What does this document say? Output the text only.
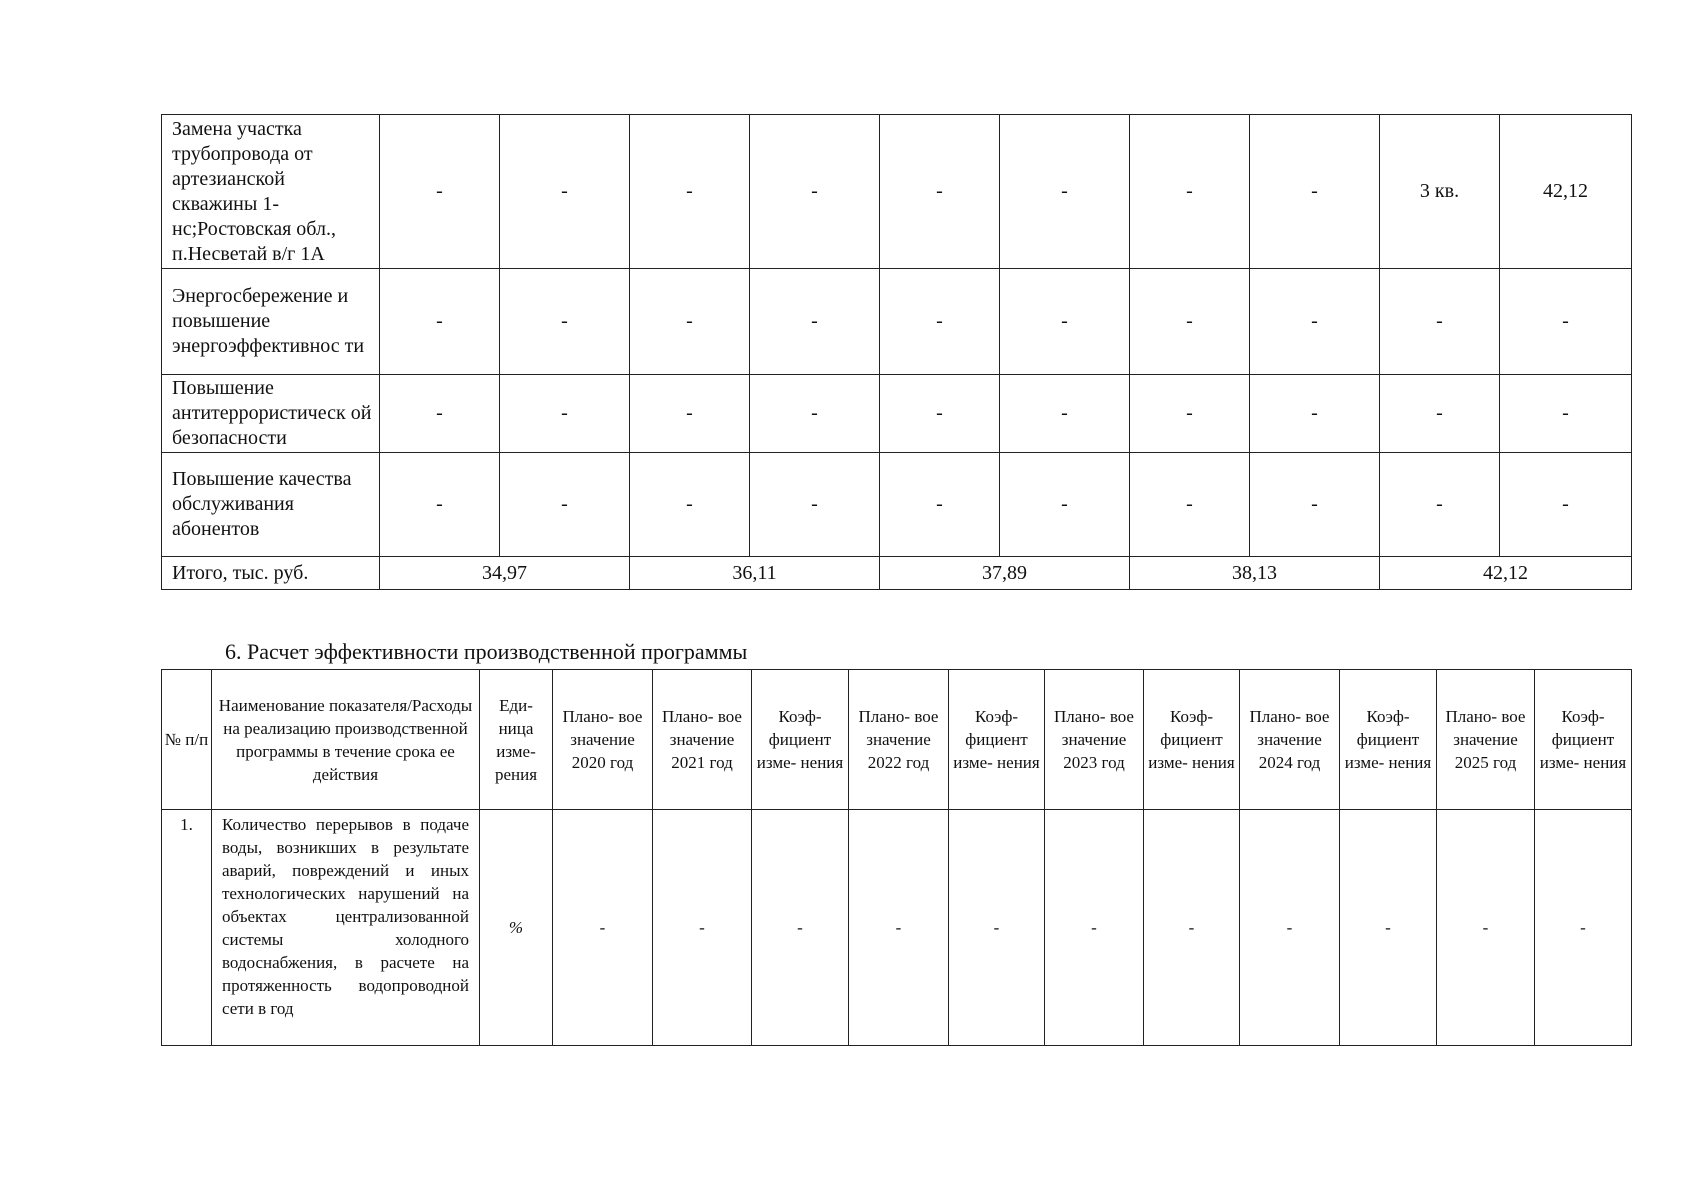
Замена участка трубопровода от артезианской скважины 1-нс;Ростовская обл., п.Несветай в/г 1А	-	-	-	-	-	-	-	-	3 кв.	42,12
Энергосбережение и повышение энергоэффективнос ти	-	-	-	-	-	-	-	-	-	-
Повышение антитеррористическ ой безопасности	-	-	-	-	-	-	-	-	-	-
Повышение качества обслуживания абонентов	-	-	-	-	-	-	-	-	-	-
Итого, тыс. руб.	34,97		36,11		37,89		38,13		42,12	
6. Расчет эффективности производственной программы
№ п/п	Наименование показателя/Расходы на реализацию производственной программы в течение срока ее действия	Еди- ница изме- рения	Плано- вое значение 2020 год	Плано- вое значение 2021 год	Коэф- фициент изме- нения	Плано- вое значение 2022 год	Коэф- фициент изме- нения	Плано- вое значение 2023 год	Коэф- фициент изме- нения	Плано- вое значение 2024 год	Коэф- фициент изме- нения	Плано- вое значение 2025 год	Коэф- фициент изме- нения
1.	Количество перерывов в подаче воды, возникших в результате аварий, повреждений и иных технологических нарушений на объектах централизованной системы холодного водоснабжения, в расчете на протяженность водопроводной сети в год	%	-	-	-	-	-	-	-	-	-	-	-
